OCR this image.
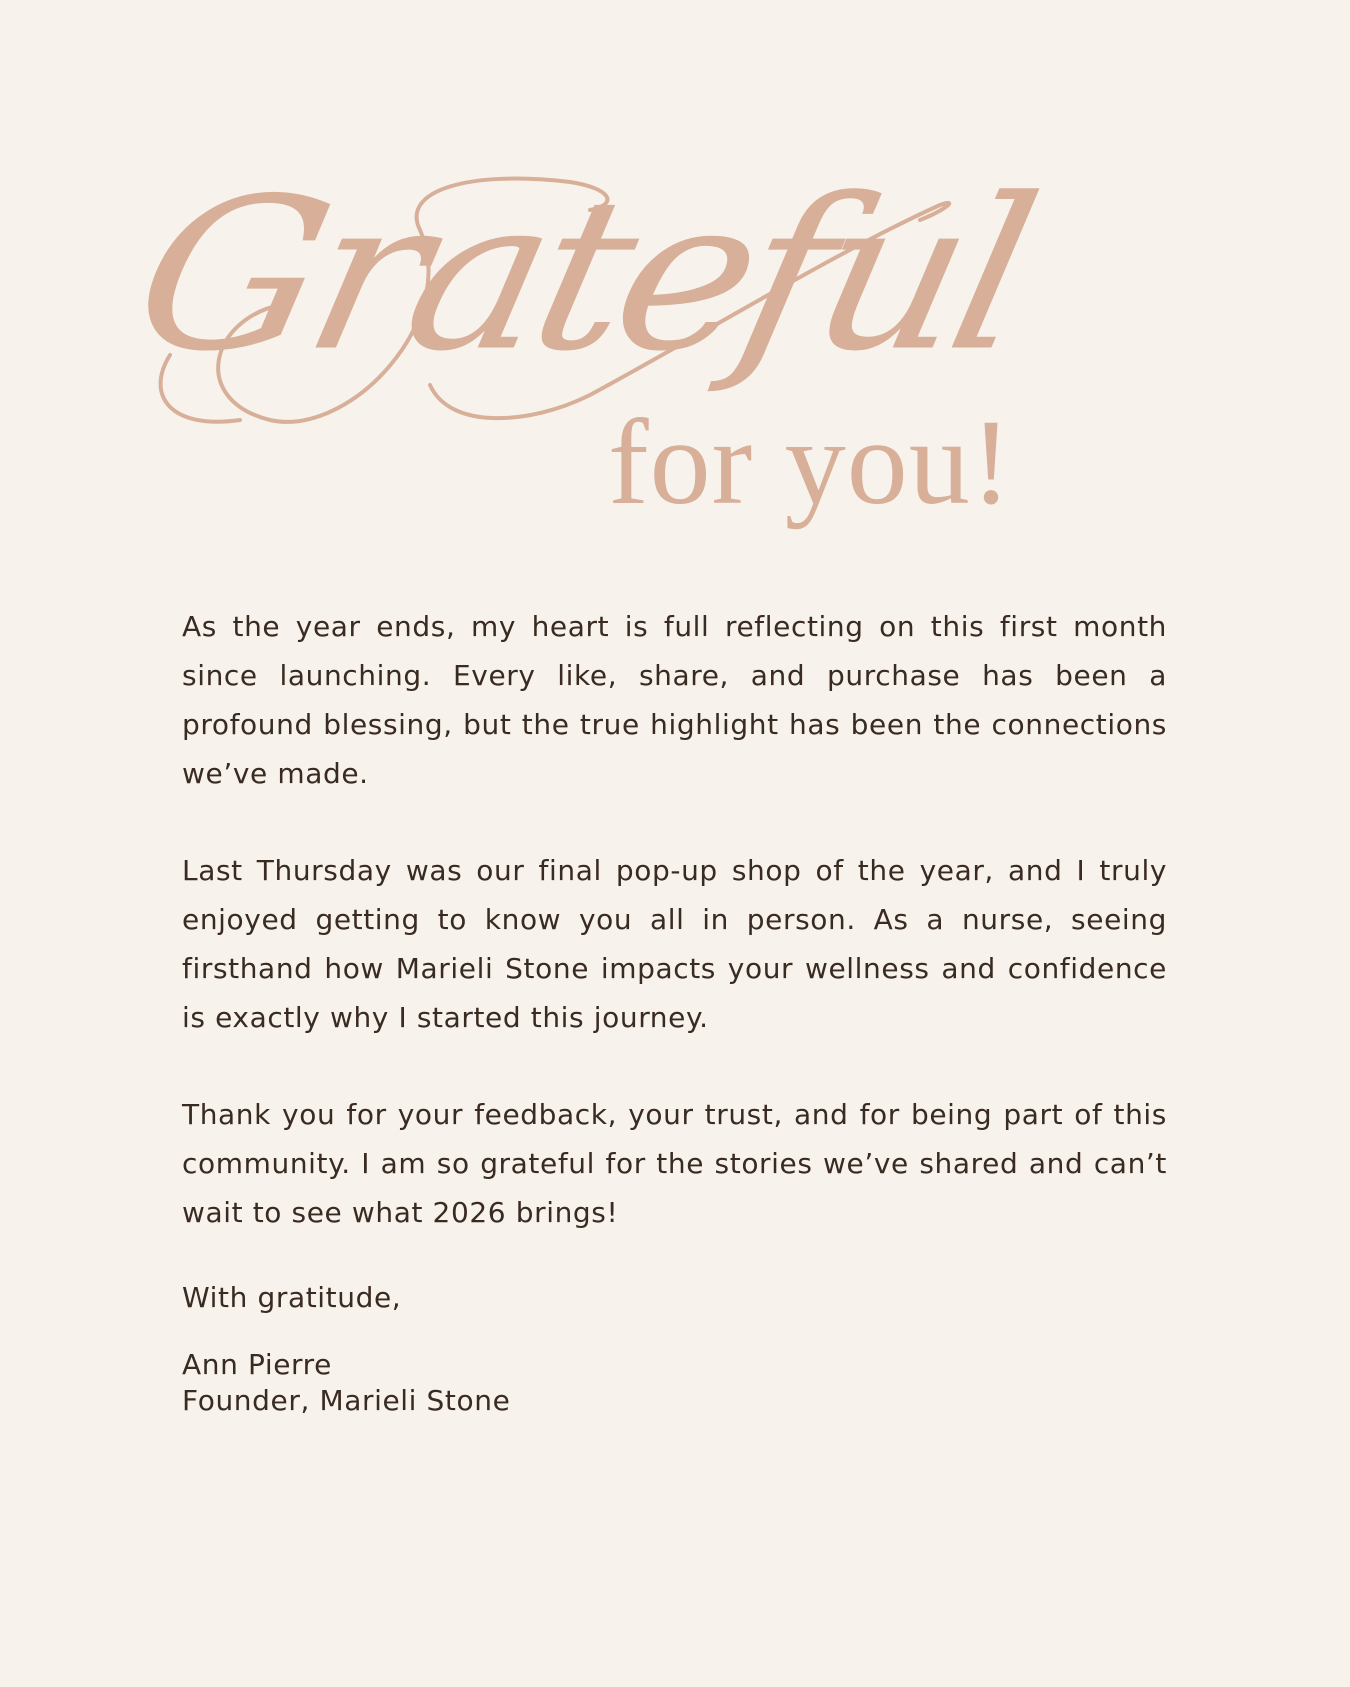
Grateful
for you!

As the year ends, my heart is full reflecting on this first month since launching. Every like, share, and purchase has been a profound blessing, but the true highlight has been the connections we’ve made.

Last Thursday was our final pop-up shop of the year, and I truly enjoyed getting to know you all in person. As a nurse, seeing firsthand how Marieli Stone impacts your wellness and confidence is exactly why I started this journey.

Thank you for your feedback, your trust, and for being part of this community. I am so grateful for the stories we’ve shared and can’t wait to see what 2026 brings!

With gratitude,
Ann Pierre
Founder, Marieli Stone
